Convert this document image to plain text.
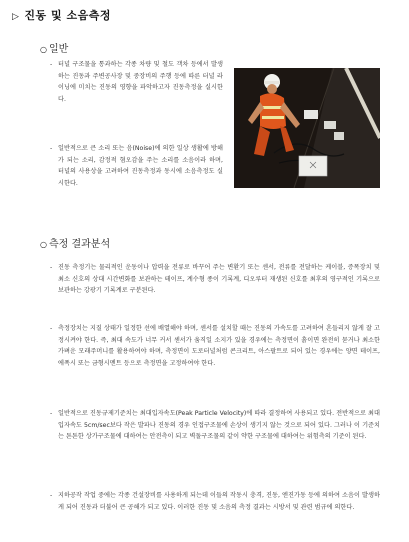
▷ 진동 및 소음측정
○ 일반
- 터널 구조물을 통과하는 각종 차량 및 철도 객차 등에서 발생하는 진동과 주변공사장 및 중장비의 주행 등에 따른 터널 라이닝에 미치는 진동의 영향을 파악하고자 진동측정을 실시한다.
- 일반적으로 큰 소리 또는 음(Noise)에 의한 일상 생활에 방해가 되는 소리, 감정적 혐오감을 주는 소리를 소음이라 하며, 터널의 사용상을 고려하여 진동측정과 동시에 소음측정도 실시한다.
○ 측정 결과분석
- 진동 측정기는 물리적인 운동이나 압력을 전류로 바꾸어 주는 변환기 또는 센서, 전류를 전달하는 케이블, 증폭장치 및 최소 신호의 상대 시간변화를 보관하는 테이프, 계수형 종이 기록계, 디오루터 재생된 신호를 최후의 영구적인 기록으로 보관하는 강광기 기록계로 구분된다.
- 측정장치는 지질 상태가 일정한 선에 배열해야 하며, 센서를 설치할 때는 진동의 가속도를 고려하여 흔들리지 않게 잘 고정시켜야 한다. 즉, 최대 속도가 너무 커서 센서가 움직일 소지가 있을 경우에는 측정면이 흙이면 완전히 묻거나 최소한 가벼운 모래주머니를 활용하여야 하며, 측정면이 도로터널처럼 콘크리트, 아스팔트로 되어 있는 경우에는 양면 테이프, 에폭시 또는 금형시멘트 등으로 측정면을 고정하여야 한다.
- 일반적으로 진동규제기준치는 최대입자속도(Peak Particle Velocity)에 따라 결정하여 사용되고 있다. 전반적으로 최대입자속도 5cm/sec보다 작은 발파나 진동의 경우 인접구조물에 손상이 생기지 않는 것으로 되어 있다. 그러나 이 기준치는 튼튼한 상가구조물에 대하여는 안전측이 되고 벽돌구조물의 같이 약한 구조물에 대하여는 위험측의 기준이 된다.
- 지하공작 작업 중에는 각종 건설장비를 사용하게 되는데 이들의 작동시 충격, 진동, 엔진가동 등에 의하여 소음이 발생하게 되어 진동과 더불어 큰 공해가 되고 있다. 이러한 진동 및 소음의 측정 결과는 시방서 및 관련 범규에 의한다.
